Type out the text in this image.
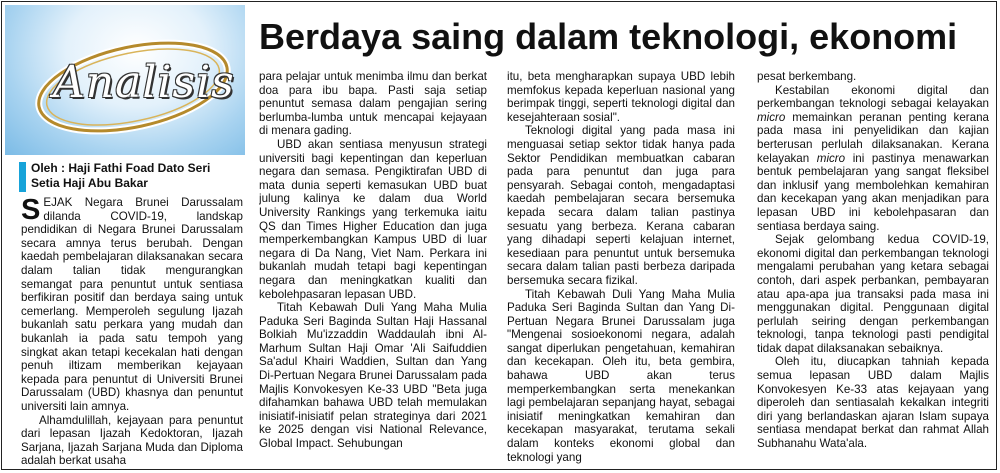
Analisis
Berdaya saing dalam teknologi, ekonomi
Oleh : Haji Fathi Foad Dato Seri
Setia Haji Abu Bakar

SEJAK Negara Brunei Darussalam dilanda COVID-19, landskap pendidikan di Negara Brunei Darussalam secara amnya terus berubah. Dengan kaedah pembelajaran dilaksanakan secara dalam talian tidak mengurangkan semangat para penuntut untuk sentiasa berfikiran positif dan berdaya saing untuk cemerlang. Memperoleh segulung Ijazah bukanlah satu perkara yang mudah dan bukanlah ia pada satu tempoh yang singkat akan tetapi kecekalan hati dengan penuh iltizam memberikan kejayaan kepada para penuntut di Universiti Brunei Darussalam (UBD) khasnya dan penuntut universiti lain amnya.

Alhamdulillah, kejayaan para penuntut dari lepasan Ijazah Kedoktoran, Ijazah Sarjana, Ijazah Sarjana Muda dan Diploma adalah berkat usaha

para pelajar untuk menimba ilmu dan berkat doa para ibu bapa. Pasti saja setiap penuntut semasa dalam pengajian sering berlumba-lumba untuk mencapai kejayaan di menara gading.

UBD akan sentiasa menyusun strategi universiti bagi kepentingan dan keperluan negara dan semasa. Pengiktirafan UBD di mata dunia seperti kemasukan UBD buat julung kalinya ke dalam dua World University Rankings yang terkemuka iaitu QS dan Times Higher Education dan juga memperkembangkan Kampus UBD di luar negara di Da Nang, Viet Nam. Perkara ini bukanlah mudah tetapi bagi kepentingan negara dan meningkatkan kualiti dan kebolehpasaran lepasan UBD.

Titah Kebawah Duli Yang Maha Mulia Paduka Seri Baginda Sultan Haji Hassanal Bolkiah Mu'izzaddin Waddaulah ibni Al-Marhum Sultan Haji Omar 'Ali Saifuddien Sa'adul Khairi Waddien, Sultan dan Yang Di-Pertuan Negara Brunei Darussalam pada Majlis Konvokesyen Ke-33 UBD "Beta juga difahamkan bahawa UBD telah memulakan inisiatif-inisiatif pelan strateginya dari 2021 ke 2025 dengan visi National Relevance, Global Impact. Sehubungan

itu, beta mengharapkan supaya UBD lebih memfokus kepada keperluan nasional yang berimpak tinggi, seperti teknologi digital dan kesejahteraan sosial".

Teknologi digital yang pada masa ini menguasai setiap sektor tidak hanya pada Sektor Pendidikan membuatkan cabaran pada para penuntut dan juga para pensyarah. Sebagai contoh, mengadaptasi kaedah pembelajaran secara bersemuka kepada secara dalam talian pastinya sesuatu yang berbeza. Kerana cabaran yang dihadapi seperti kelajuan internet, kesediaan para penuntut untuk bersemuka secara dalam talian pasti berbeza daripada bersemuka secara fizikal.

Titah Kebawah Duli Yang Maha Mulia Paduka Seri Baginda Sultan dan Yang Di-Pertuan Negara Brunei Darussalam juga "Mengenai sosioekonomi negara, adalah sangat diperlukan pengetahuan, kemahiran dan kecekapan. Oleh itu, beta gembira, bahawa UBD akan terus memperkembangkan serta menekankan lagi pembelajaran sepanjang hayat, sebagai inisiatif meningkatkan kemahiran dan kecekapan masyarakat, terutama sekali dalam konteks ekonomi global dan teknologi yang

pesat berkembang.

Kestabilan ekonomi digital dan perkembangan teknologi sebagai kelayakan micro memainkan peranan penting kerana pada masa ini penyelidikan dan kajian berterusan perlulah dilaksanakan. Kerana kelayakan micro ini pastinya menawarkan bentuk pembelajaran yang sangat fleksibel dan inklusif yang membolehkan kemahiran dan kecekapan yang akan menjadikan para lepasan UBD ini kebolehpasaran dan sentiasa berdaya saing.

Sejak gelombang kedua COVID-19, ekonomi digital dan perkembangan teknologi mengalami perubahan yang ketara sebagai contoh, dari aspek perbankan, pembayaran atau apa-apa jua transaksi pada masa ini menggunakan digital. Penggunaan digital perlulah seiring dengan perkembangan teknologi, tanpa teknologi pasti pendigital tidak dapat dilaksanakan sebaiknya.

Oleh itu, diucapkan tahniah kepada semua lepasan UBD dalam Majlis Konvokesyen Ke-33 atas kejayaan yang diperoleh dan sentiasalah kekalkan integriti diri yang berlandaskan ajaran Islam supaya sentiasa mendapat berkat dan rahmat Allah Subhanahu Wata'ala.
